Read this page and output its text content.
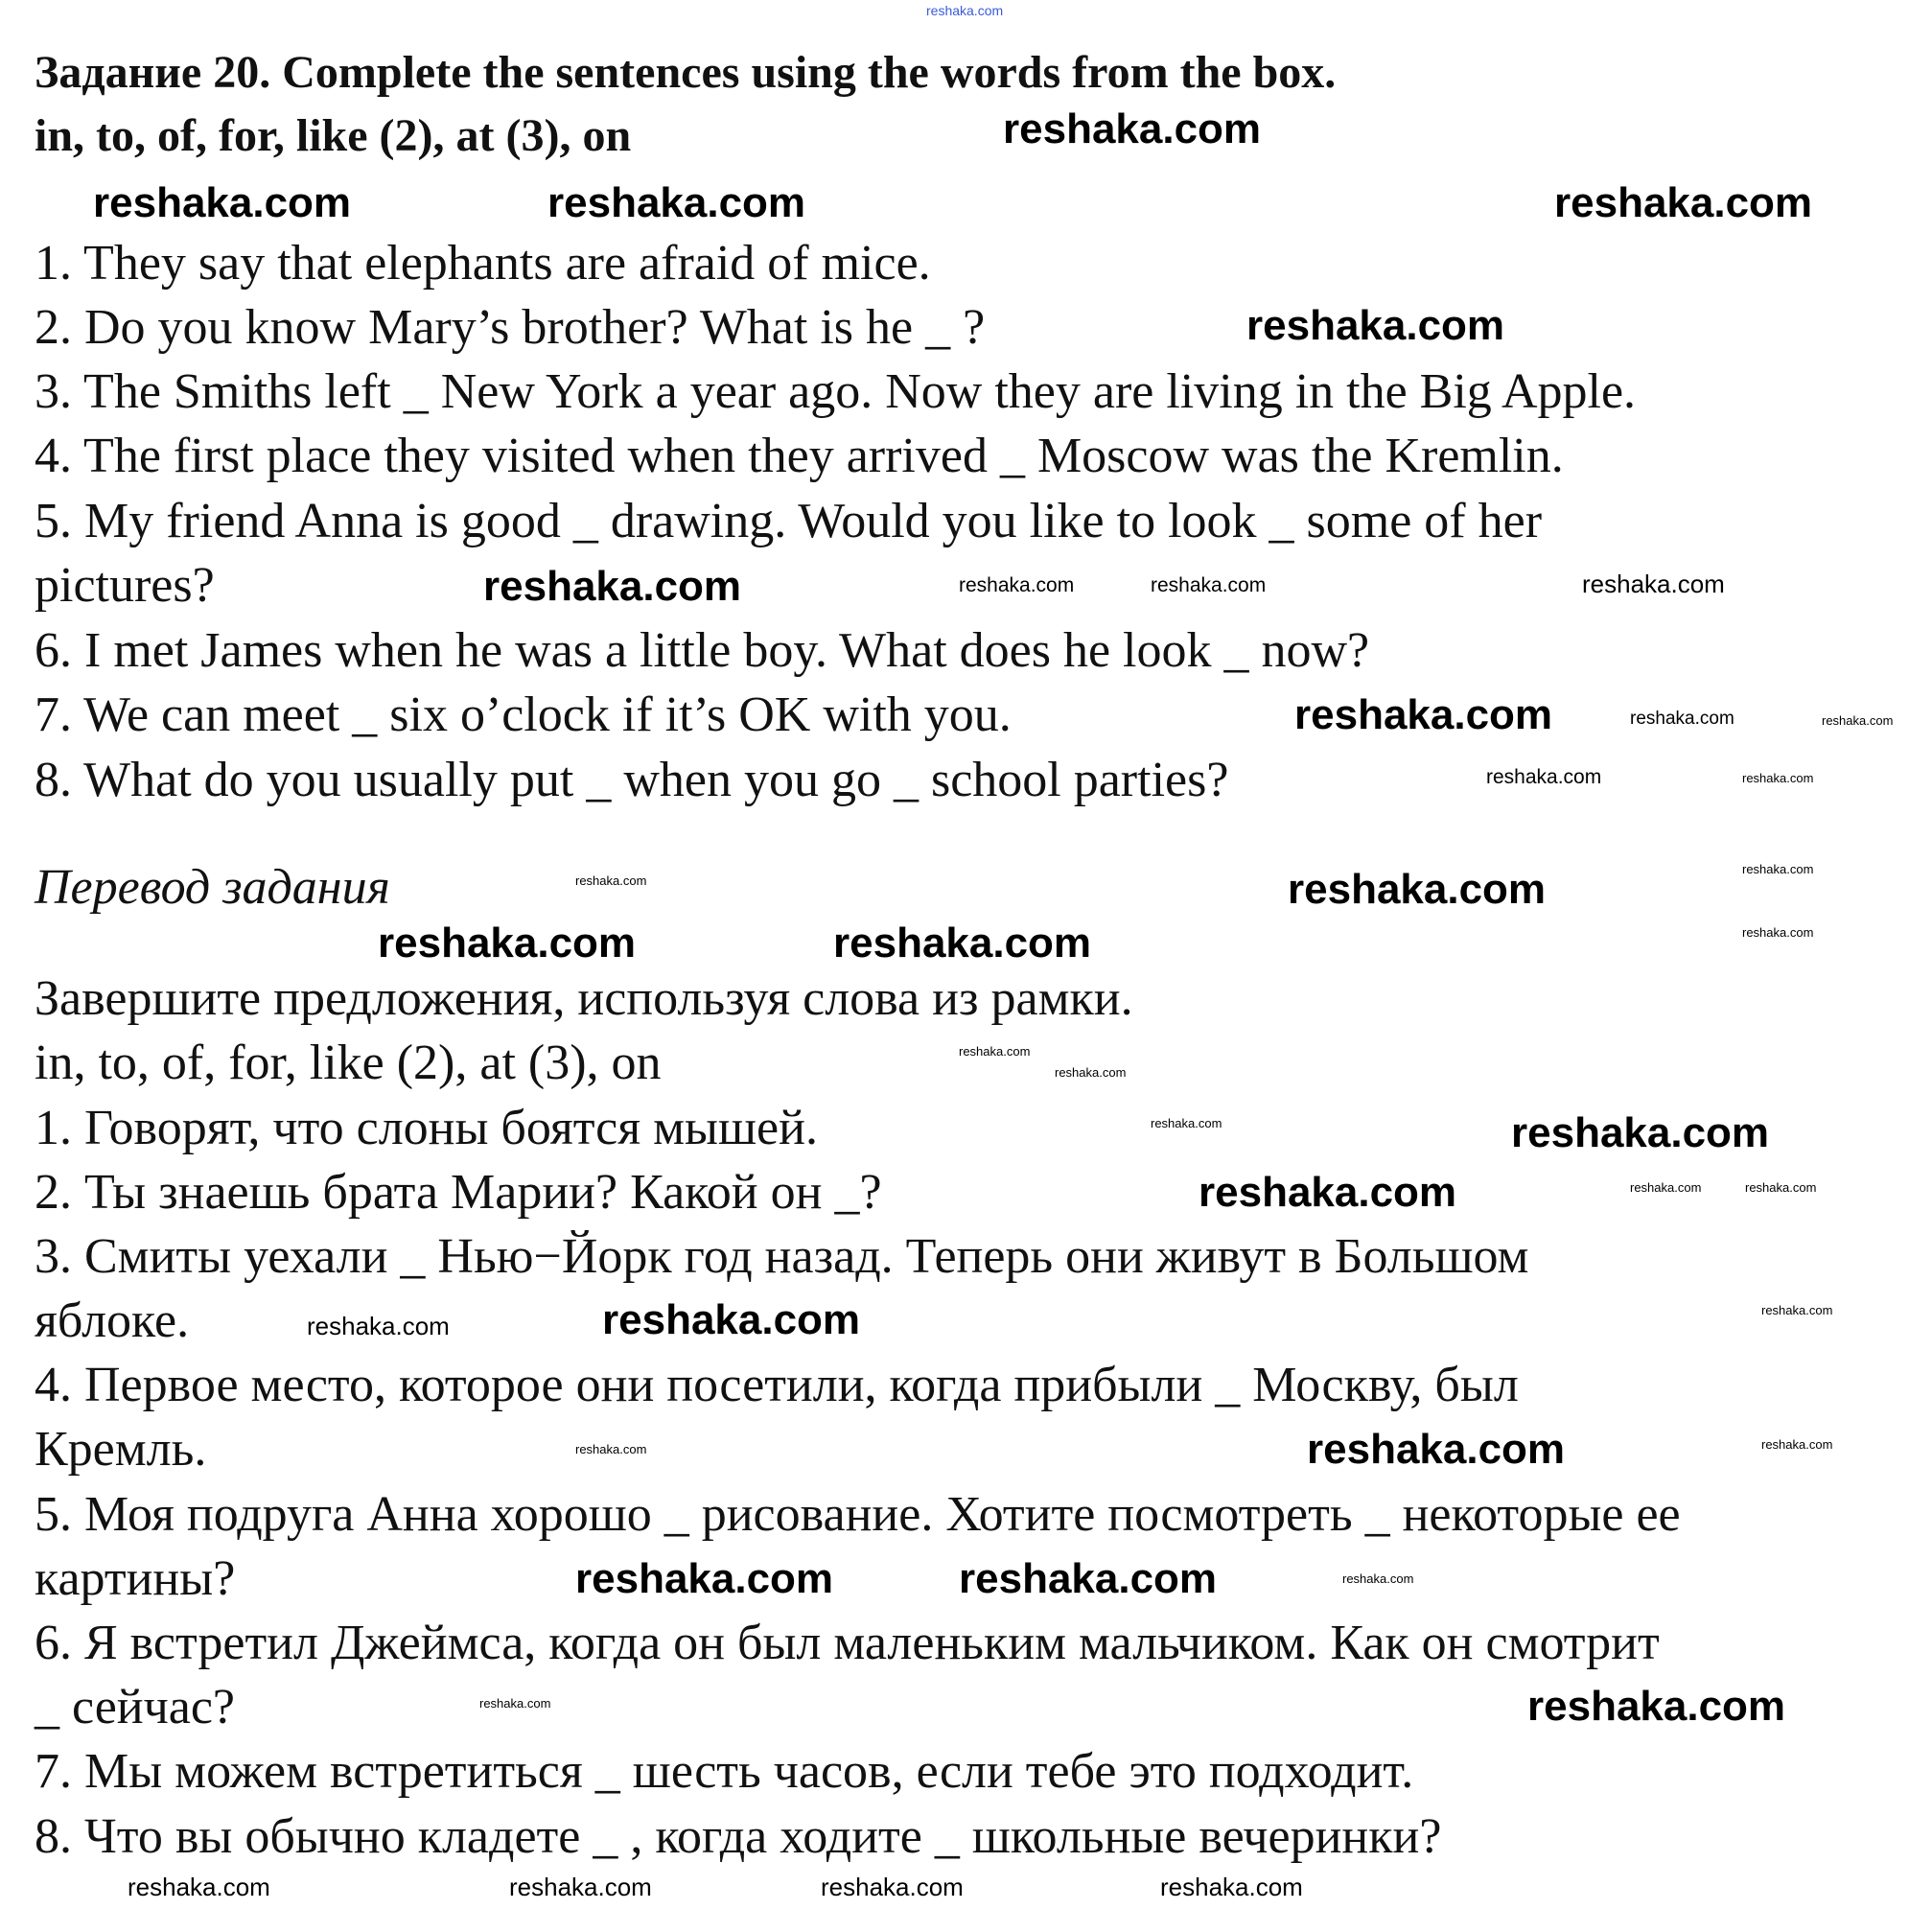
Задание 20. Complete the sentences using the words from the box.
in, to, of, for, like (2), at (3), on
1. They say that elephants are afraid of mice.
2. Do you know Mary’s brother? What is he _ ?
3. The Smiths left _ New York a year ago. Now they are living in the Big Apple.
4. The first place they visited when they arrived _ Moscow was the Kremlin.
5. My friend Anna is good _ drawing. Would you like to look _ some of her
pictures?
6. I met James when he was a little boy. What does he look _ now?
7. We can meet _ six o’clock if it’s OK with you.
8. What do you usually put _ when you go _ school parties?
Перевод задания
Завершите предложения, используя слова из рамки.
in, to, of, for, like (2), at (3), on
1. Говорят, что слоны боятся мышей.
2. Ты знаешь брата Марии? Какой он _?
3. Смиты уехали _ Нью−Йорк год назад. Теперь они живут в Большом
яблоке.
4. Первое место, которое они посетили, когда прибыли _ Москву, был
Кремль.
5. Моя подруга Анна хорошо _ рисование. Хотите посмотреть _ некоторые ее
картины?
6. Я встретил Джеймса, когда он был маленьким мальчиком. Как он смотрит
_ сейчас?
7. Мы можем встретиться _ шесть часов, если тебе это подходит.
8. Что вы обычно кладете _ , когда ходите _ школьные вечеринки?
reshaka.com
reshaka.com
reshaka.com	reshaka.com	reshaka.com
reshaka.com
reshaka.com
reshaka.com
reshaka.com
reshaka.com	reshaka.com
reshaka.com
reshaka.com
reshaka.com
reshaka.com
reshaka.com	reshaka.com
reshaka.com
reshaka.com
reshaka.com
reshaka.com	reshaka.com	reshaka.com	reshaka.com
reshaka.com	reshaka.com
reshaka.com
reshaka.com	reshaka.com
reshaka.com
reshaka.com
reshaka.com
reshaka.com
reshaka.com
reshaka.com
reshaka.com
reshaka.com	reshaka.com
reshaka.com
reshaka.com
reshaka.com
reshaka.com
reshaka.com
